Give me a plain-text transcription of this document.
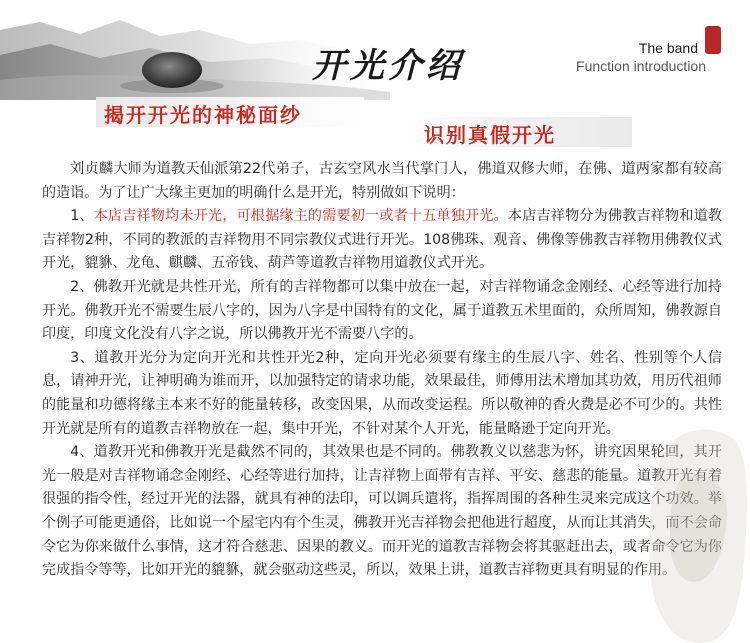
开光介绍	The band
Function introduction
揭开开光的神秘面纱
识别真假开光

刘贞麟大师为道教天仙派第22代弟子，古玄空风水当代掌门人，佛道双修大师，在佛、道两家都有较高的造诣。为了让广大缘主更加的明确什么是开光，特别做如下说明：

1、本店吉祥物均未开光，可根据缘主的需要初一或者十五单独开光。本店吉祥物分为佛教吉祥物和道教吉祥物2种，不同的教派的吉祥物用不同宗教仪式进行开光。108佛珠、观音、佛像等佛教吉祥物用佛教仪式开光，貔貅、龙龟、麒麟、五帝钱、葫芦等道教吉祥物用道教仪式开光。

2、佛教开光就是共性开光，所有的吉祥物都可以集中放在一起，对吉祥物诵念金刚经、心经等进行加持开光。佛教开光不需要生辰八字的，因为八字是中国特有的文化，属于道教五术里面的，众所周知，佛教源自印度，印度文化没有八字之说，所以佛教开光不需要八字的。

3、道教开光分为定向开光和共性开光2种，定向开光必须要有缘主的生辰八字、姓名、性别等个人信息，请神开光，让神明确为谁而开，以加强特定的请求功能，效果最佳，师傅用法术增加其功效，用历代祖师的能量和功德将缘主本来不好的能量转移，改变因果，从而改变运程。所以敬神的香火费是必不可少的。共性开光就是所有的道教吉祥物放在一起，集中开光，不针对某个人开光，能量略逊于定向开光。

4、道教开光和佛教开光是截然不同的，其效果也是不同的。佛教教义以慈悲为怀，讲究因果轮回，其开光一般是对吉祥物诵念金刚经、心经等进行加持，让吉祥物上面带有吉祥、平安、慈悲的能量。道教开光有着很强的指令性，经过开光的法器，就具有神的法印，可以调兵遣将，指挥周围的各种生灵来完成这个功效。举个例子可能更通俗，比如说一个屋宅内有个生灵，佛教开光吉祥物会把他进行超度，从而让其消失，而不会命令它为你来做什么事情，这才符合慈悲、因果的教义。而开光的道教吉祥物会将其驱赶出去，或者命令它为你完成指令等等，比如开光的貔貅，就会驱动这些灵，所以，效果上讲，道教吉祥物更具有明显的作用。
